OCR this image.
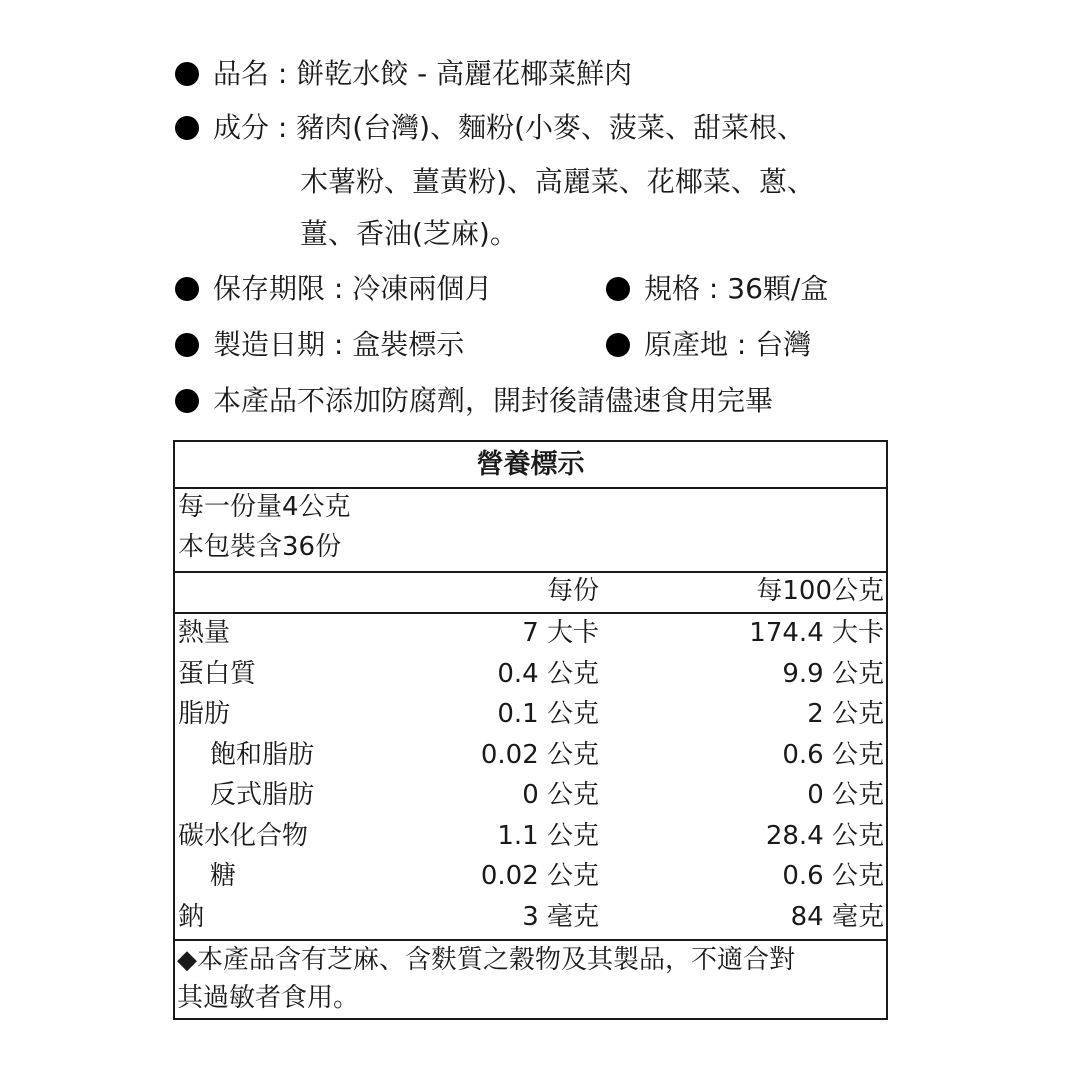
品名 : 餅乾水餃 - 高麗花椰菜鮮肉
成分 : 豬肉(台灣)、麵粉(小麥、菠菜、甜菜根、
木薯粉、薑黃粉)、高麗菜、花椰菜、蔥、
薑、香油(芝麻)。
保存期限 : 冷凍兩個月	規格 : 36顆/盒
製造日期 : 盒裝標示	原產地 : 台灣
本產品不添加防腐劑，開封後請儘速食用完畢
營養標示
每一份量4公克
本包裝含36份
每份	每100公克
熱量	7 大卡	174.4 大卡
蛋白質	0.4 公克	9.9 公克
脂肪	0.1 公克	2 公克
飽和脂肪	0.02 公克	0.6 公克
反式脂肪	0 公克	0 公克
碳水化合物	1.1 公克	28.4 公克
糖	0.02 公克	0.6 公克
鈉	3 毫克	84 毫克
◆本產品含有芝麻、含麩質之穀物及其製品，不適合對
其過敏者食用。
